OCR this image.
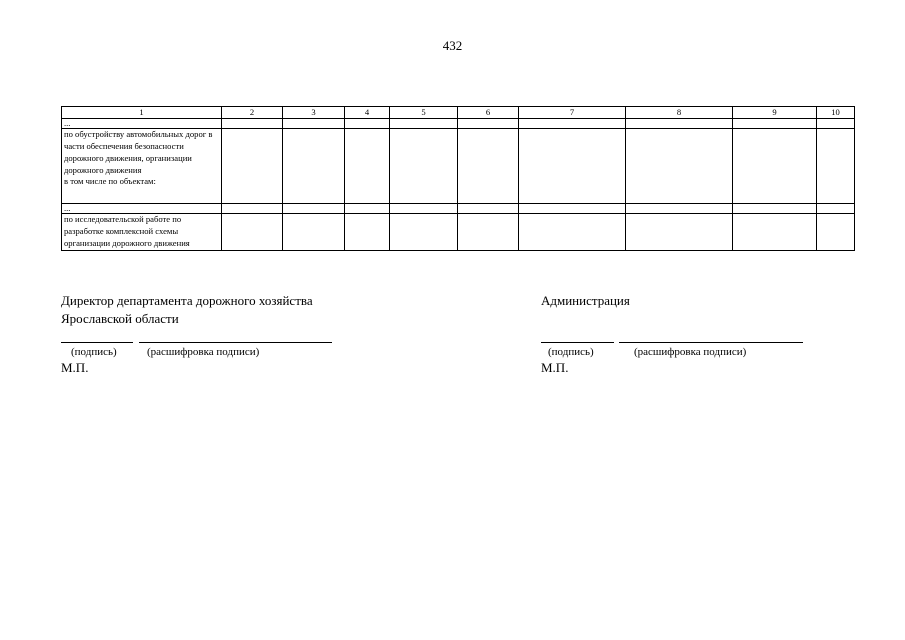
432
1	2	3	4	5	6	7	8	9	10
...									
по обустройству автомобильных дорог в части обеспечения безопасности дорожного движения, организации дорожного движения
в том числе по объектам:									
...									
по исследовательской работе по разработке комплексной схемы организации дорожного движения									
Директор департамента дорожного хозяйства
Ярославской области
(подпись)	(расшифровка подписи)
М.П.
Администрация
(подпись)	(расшифровка подписи)
М.П.
